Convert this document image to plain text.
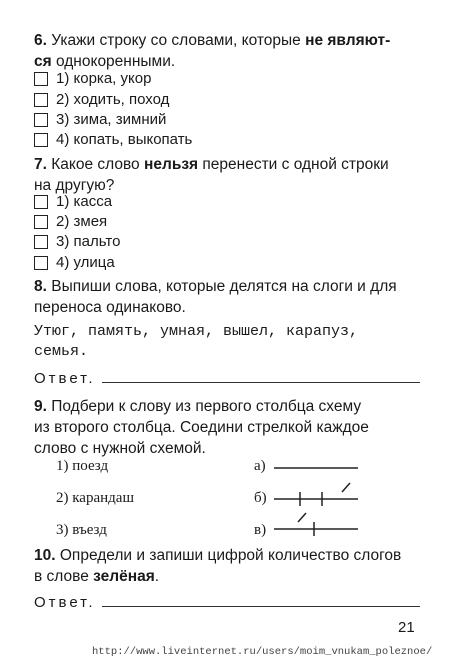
6. Укажи строку со словами, которые не являют-
ся однокоренными.
1) корка, укор
2) ходить, поход
3) зима, зимний
4) копать, выкопать
7. Какое слово нельзя перенести с одной строки
на другую?
1) касса
2) змея
3) пальто
4) улица
8. Выпиши слова, которые делятся на слоги и для
переноса одинаково.
Утюг, память, умная, вышел, карапуз,
семья.
Ответ.
9. Подбери к слову из первого столбца схему
из второго столбца. Соедини стрелкой каждое
слово с нужной схемой.
1) поезд
2) карандаш
3) въезд
а)
б)
в)
10. Определи и запиши цифрой количество слогов
в слове зелёная.
Ответ.
21
http://www.liveinternet.ru/users/moim_vnukam_poleznoe/
